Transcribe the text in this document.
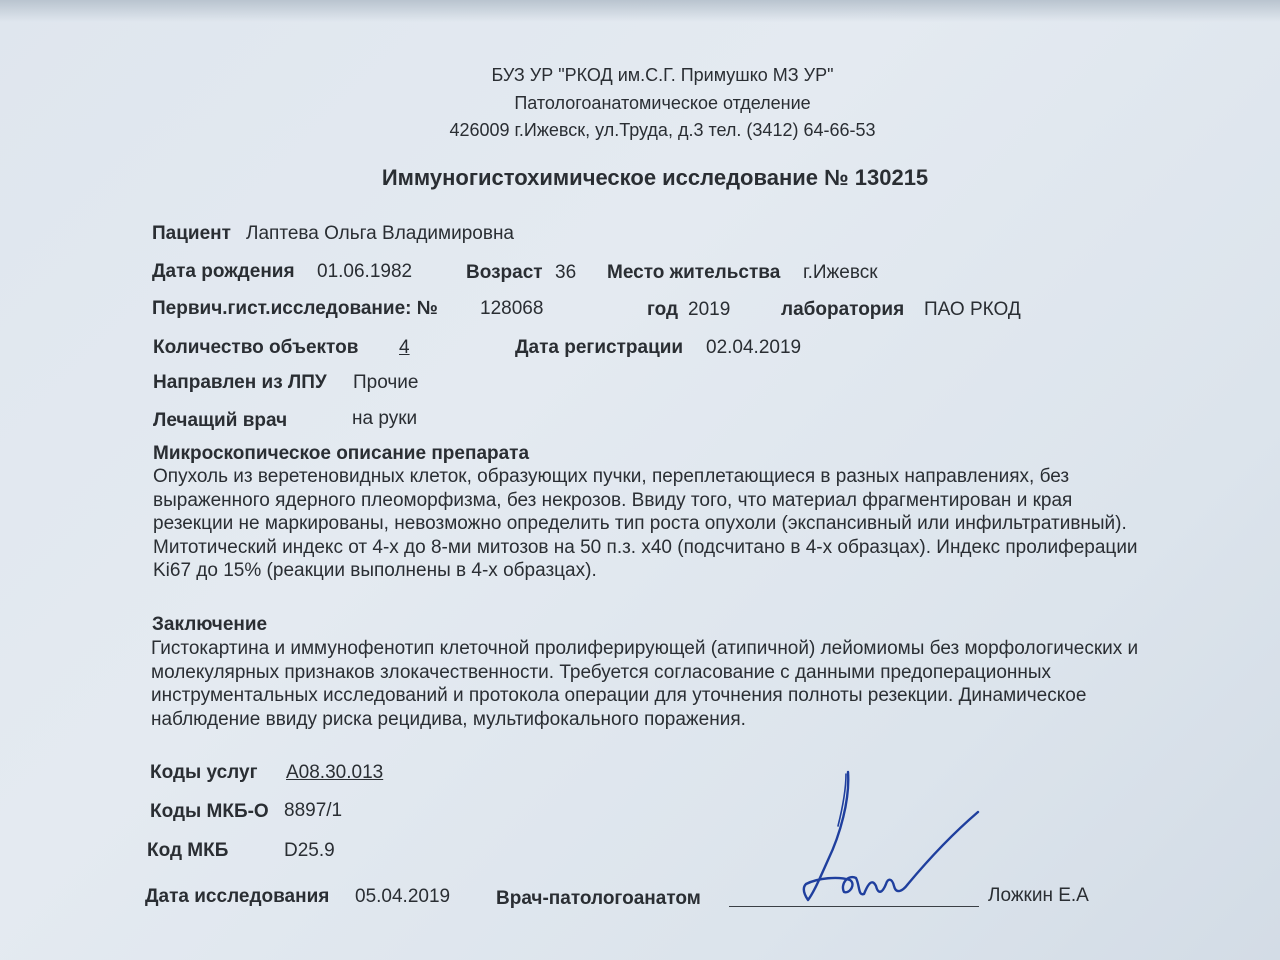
БУЗ УР "РКОД им.С.Г. Примушко МЗ УР"
Патологоанатомическое отделение
426009 г.Ижевск, ул.Труда, д.3 тел. (3412) 64-66-53
Иммуногистохимическое исследование № 130215
Пациент Лаптева Ольга Владимировна
Дата рождения 01.06.1982	Возраст 36 Место жительства г.Ижевск
Первич.гист.исследование: № 128068	год 2019	лаборатория ПАО РКОД
Количество объектов	4	Дата регистрации 02.04.2019
Направлен из ЛПУ Прочие
Лечащий врач	на руки
Микроскопическое описание препарата
Опухоль из веретеновидных клеток, образующих пучки, переплетающиеся в разных направлениях, без выраженного ядерного плеоморфизма, без некрозов. Ввиду того, что материал фрагментирован и края резекции не маркированы, невозможно определить тип роста опухоли (экспансивный или инфильтративный). Митотический индекс от 4-х до 8-ми митозов на 50 п.з. х40 (подсчитано в 4-х образцах). Индекс пролиферации Ki67 до 15% (реакции выполнены в 4-х образцах).
Заключение
Гистокартина и иммунофенотип клеточной пролиферирующей (атипичной) лейомиомы без морфологических и молекулярных признаков злокачественности. Требуется согласование с данными предоперационных инструментальных исследований и протокола операции для уточнения полноты резекции. Динамическое наблюдение ввиду риска рецидива, мультифокального поражения.
Коды услуг A08.30.013
Коды МКБ-О 8897/1
Код МКБ	D25.9
Дата исследования 05.04.2019 Врач-патологоанатом	Ложкин Е.А
